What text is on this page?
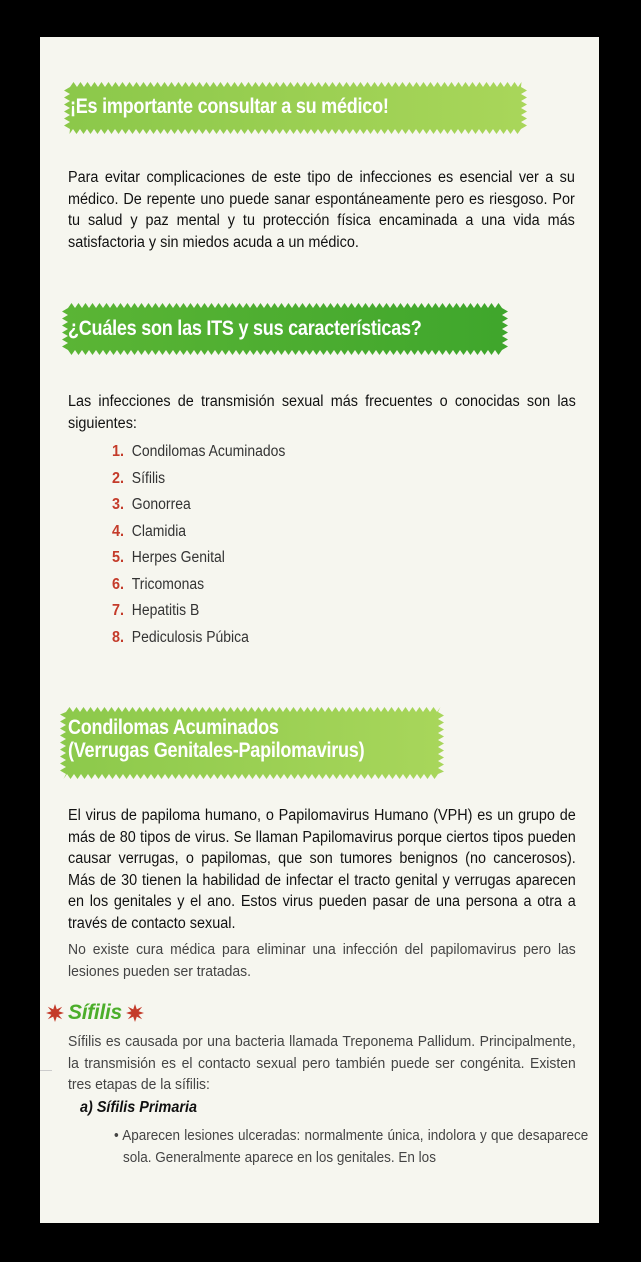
¡Es importante consultar a su médico!
Para evitar complicaciones de este tipo de infecciones es esencial ver a su médico. De repente uno puede sanar espontáneamente pero es riesgoso. Por tu salud y paz mental y tu protección física encaminada a una vida más satisfactoria y sin miedos acuda a un médico.
¿Cuáles son las ITS y sus características?
Las infecciones de transmisión sexual más frecuentes o conocidas son las siguientes:
1. Condilomas Acuminados
2. Sífilis
3. Gonorrea
4. Clamidia
5. Herpes Genital
6. Tricomonas
7. Hepatitis B
8. Pediculosis Púbica
Condilomas Acuminados
(Verrugas Genitales-Papilomavirus)
El virus de papiloma humano, o Papilomavirus Humano (VPH) es un grupo de más de 80 tipos de virus. Se llaman Papilomavirus porque ciertos tipos pueden causar verrugas, o papilomas, que son tumores benignos (no cancerosos). Más de 30 tienen la habilidad de infectar el tracto genital y verrugas aparecen en los genitales y el ano. Estos virus pueden pasar de una persona a otra a través de contacto sexual.
No existe cura médica para eliminar una infección del papilomavirus pero las lesiones pueden ser tratadas.
Sífilis
Sífilis es causada por una bacteria llamada Treponema Pallidum. Principalmente, la transmisión es el contacto sexual pero también puede ser congénita. Existen tres etapas de la sífilis:
a) Sífilis Primaria
• Aparecen lesiones ulceradas: normalmente única, indolora y que desaparece sola. Generalmente aparece en los genitales. En los
